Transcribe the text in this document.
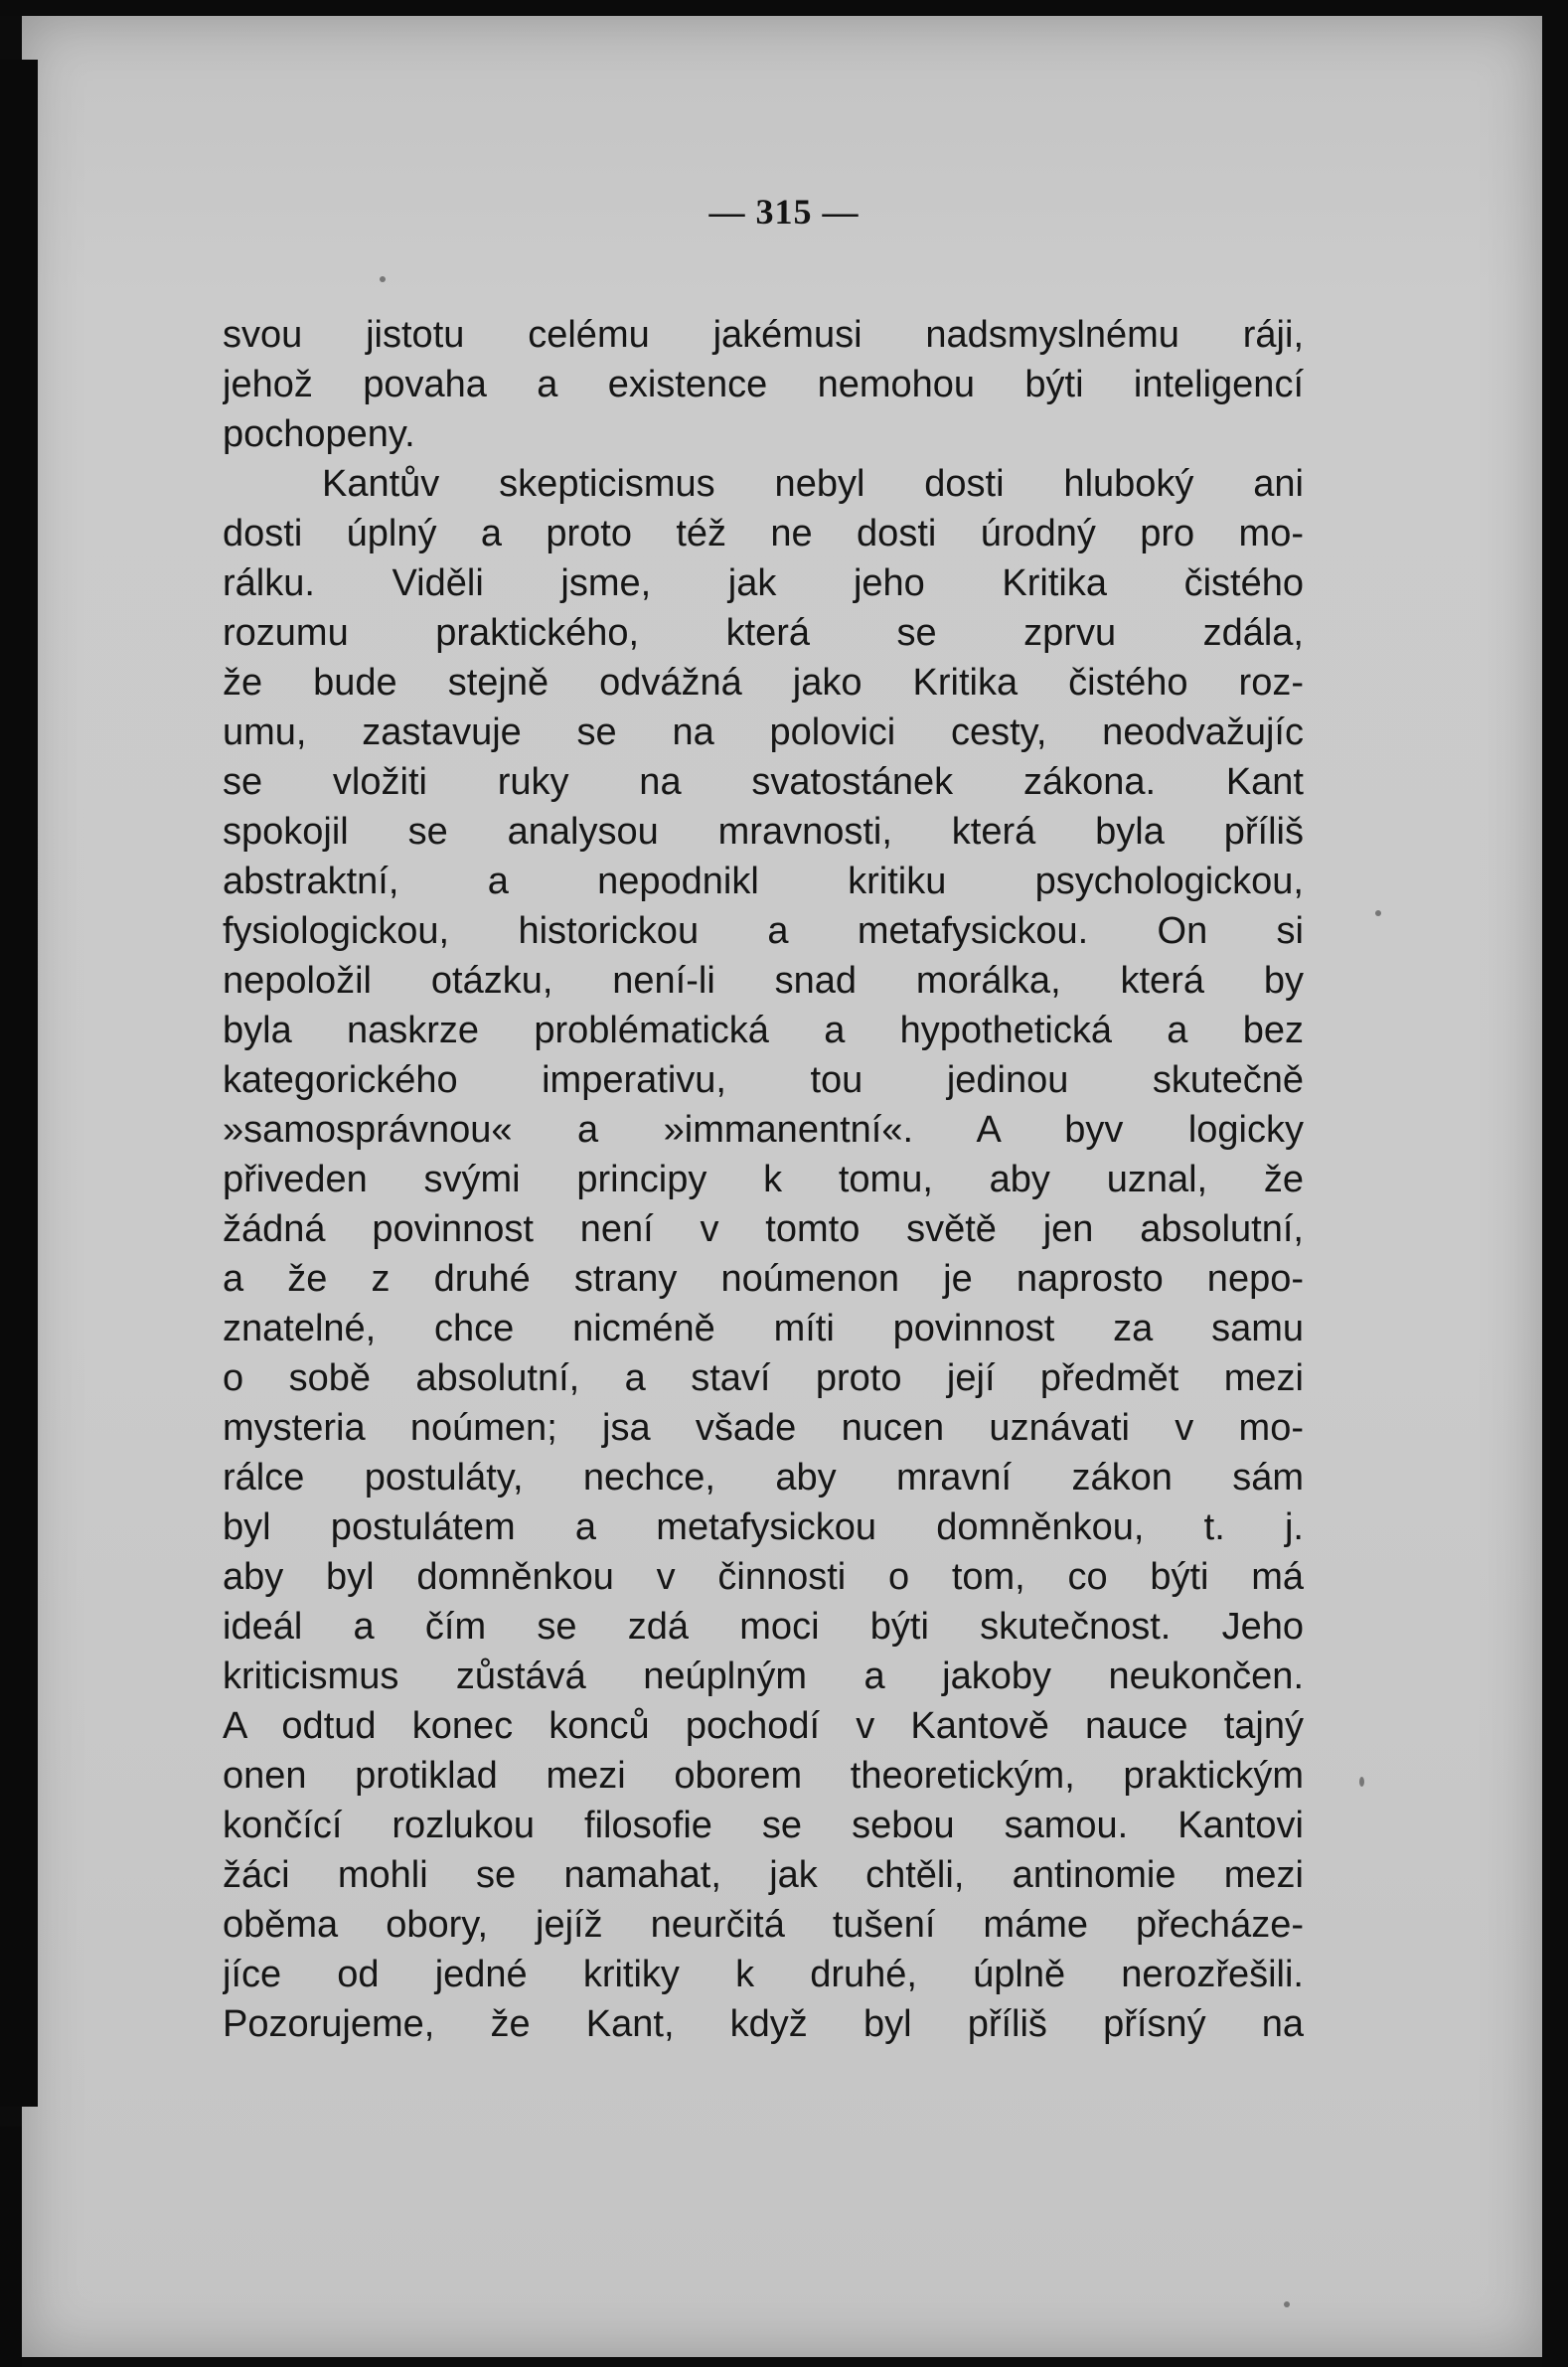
— 315 —
svou jistotu celému jakémusi nadsmyslnému ráji,
jehož povaha a existence nemohou býti inteligencí
pochopeny.
Kantův skepticismus nebyl dosti hluboký ani
dosti úplný a proto též ne dosti úrodný pro mo-
rálku. Viděli jsme, jak jeho Kritika čistého
rozumu praktického, která se zprvu zdála,
že bude stejně odvážná jako Kritika čistého roz-
umu, zastavuje se na polovici cesty, neodvažujíc
se vložiti ruky na svatostánek zákona. Kant
spokojil se analysou mravnosti, která byla příliš
abstraktní, a nepodnikl kritiku psychologickou,
fysiologickou, historickou a metafysickou. On si
nepoložil otázku, není-li snad morálka, která by
byla naskrze problématická a hypothetická a bez
kategorického imperativu, tou jedinou skutečně
»samosprávnou« a »immanentní«. A byv logicky
přiveden svými principy k tomu, aby uznal, že
žádná povinnost není v tomto světě jen absolutní,
a že z druhé strany noúmenon je naprosto nepo-
znatelné, chce nicméně míti povinnost za samu
o sobě absolutní, a staví proto její předmět mezi
mysteria noúmen; jsa všade nucen uznávati v mo-
rálce postuláty, nechce, aby mravní zákon sám
byl postulátem a metafysickou domněnkou, t. j.
aby byl domněnkou v činnosti o tom, co býti má
ideál a čím se zdá moci býti skutečnost. Jeho
kriticismus zůstává neúplným a jakoby neukončen.
A odtud konec konců pochodí v Kantově nauce tajný
onen protiklad mezi oborem theoretickým, praktickým
končící rozlukou filosofie se sebou samou. Kantovi
žáci mohli se namahat, jak chtěli, antinomie mezi
oběma obory, jejíž neurčitá tušení máme přecháze-
jíce od jedné kritiky k druhé, úplně nerozřešili.
Pozorujeme, že Kant, když byl příliš přísný na
